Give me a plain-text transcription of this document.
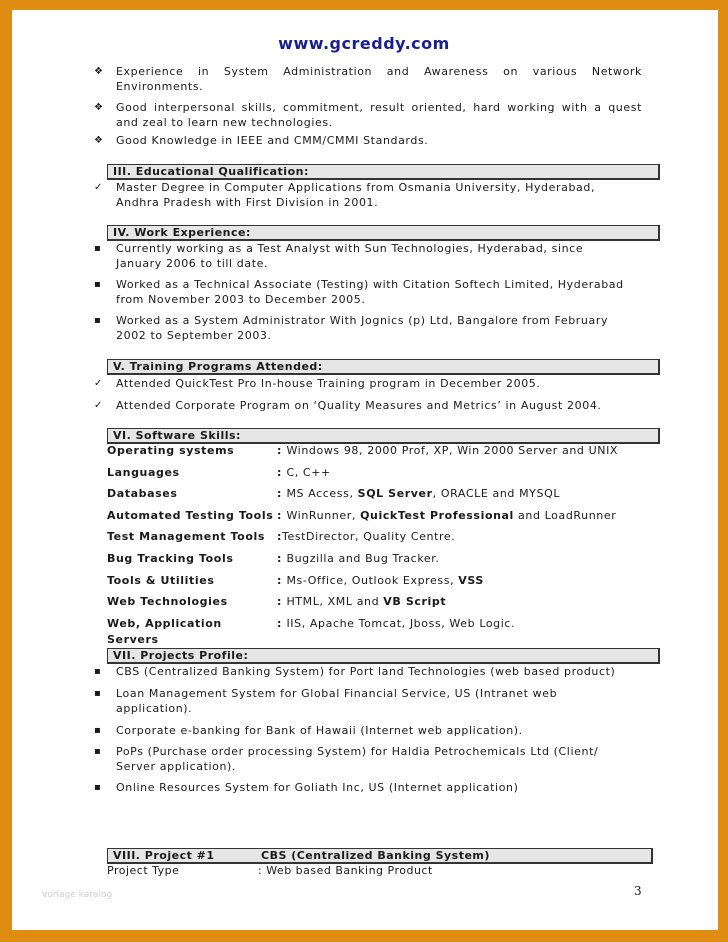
www.gcreddy.com
❖ Experience in System Administration and Awareness on various Network Environments.
❖ Good interpersonal skills, commitment, result oriented, hard working with a quest and zeal to learn new technologies.
❖ Good Knowledge in IEEE and CMM/CMMI Standards.
III. Educational Qualification:
✓ Master Degree in Computer Applications from Osmania University, Hyderabad, Andhra Pradesh with First Division in 2001.
IV. Work Experience:
▪ Currently working as a Test Analyst with Sun Technologies, Hyderabad, since January 2006 to till date.
▪ Worked as a Technical Associate (Testing) with Citation Softech Limited, Hyderabad from November 2003 to December 2005.
▪ Worked as a System Administrator With Jognics (p) Ltd, Bangalore from February 2002 to September 2003.
V. Training Programs Attended:
✓ Attended QuickTest Pro In-house Training program in December 2005.
✓ Attended Corporate Program on ‘Quality Measures and Metrics’ in August 2004.
VI. Software Skills:
Operating systems	: Windows 98, 2000 Prof, XP, Win 2000 Server and UNIX
Languages	: C, C++
Databases	: MS Access, SQL Server, ORACLE and MYSQL
Automated Testing Tools : WinRunner, QuickTest Professional and LoadRunner
Test Management Tools	:TestDirector, Quality Centre.
Bug Tracking Tools	: Bugzilla and Bug Tracker.
Tools & Utilities	: Ms-Office, Outlook Express, VSS
Web Technologies	: HTML, XML and VB Script
Web, Application Servers
: IIS, Apache Tomcat, Jboss, Web Logic.
VII. Projects Profile:
▪ CBS (Centralized Banking System) for Port land Technologies (web based product)
▪ Loan Management System for Global Financial Service, US (Intranet web application).
▪ Corporate e-banking for Bank of Hawaii (Internet web application).
▪ PoPs (Purchase order processing System) for Haldia Petrochemicals Ltd (Client/ Server application).
▪ Online Resources System for Goliath Inc, US (Internet application)
VIII. Project #1	CBS (Centralized Banking System)
Project Type	: Web based Banking Product
3
vorlage karalog
